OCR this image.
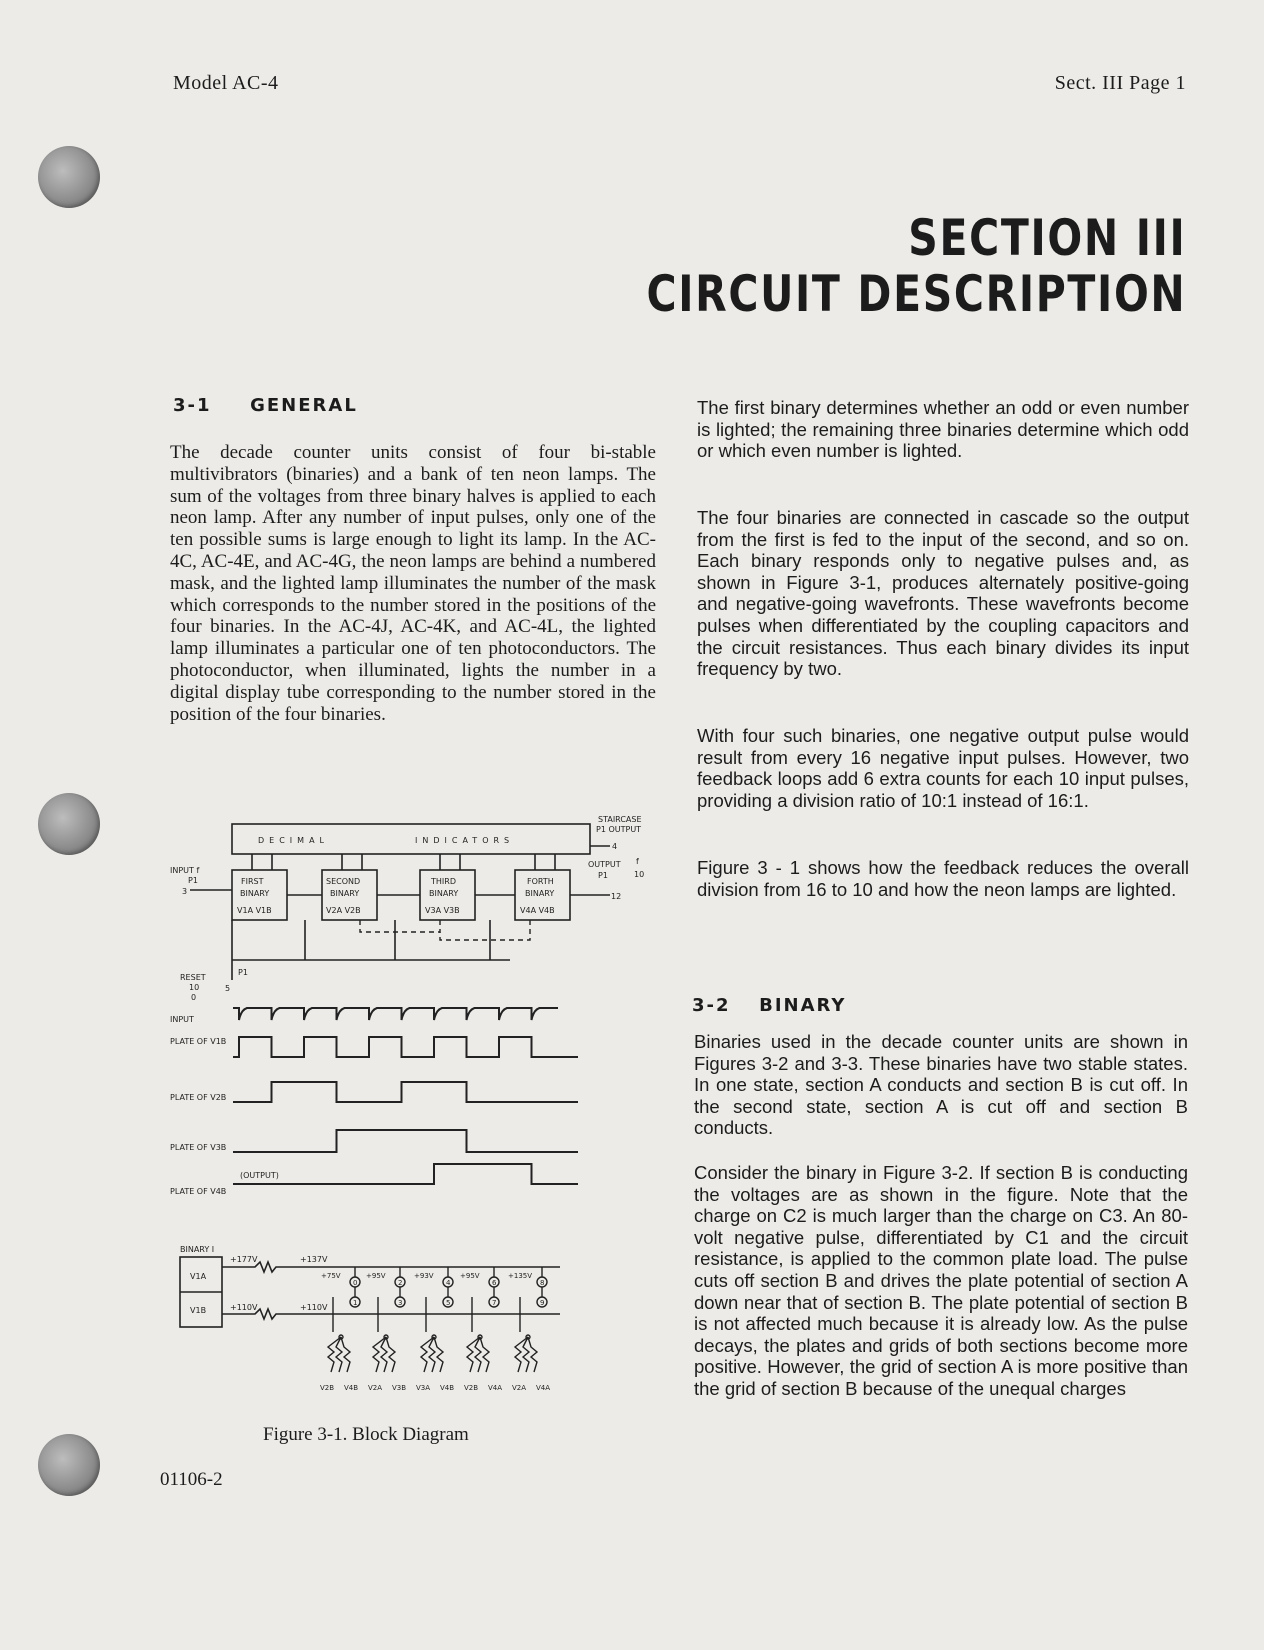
Model AC-4	Sect. III Page 1
SECTION III
CIRCUIT DESCRIPTION
3-1 GENERAL
The decade counter units consist of four bi-stable multivibrators (binaries) and a bank of ten neon lamps. The sum of the voltages from three binary halves is applied to each neon lamp. After any number of input pulses, only one of the ten possible sums is large enough to light its lamp. In the AC-4C, AC-4E, and AC-4G, the neon lamps are behind a numbered mask, and the lighted lamp illuminates the number of the mask which corresponds to the number stored in the positions of the four binaries. In the AC-4J, AC-4K, and AC-4L, the lighted lamp illuminates a particular one of ten photoconductors. The photoconductor, when illuminated, lights the number in a digital display tube corresponding to the number stored in the position of the four binaries.
The first binary determines whether an odd or even number is lighted; the remaining three binaries determine which odd or which even number is lighted.
The four binaries are connected in cascade so the output from the first is fed to the input of the second, and so on. Each binary responds only to negative pulses and, as shown in Figure 3-1, produces alternately positive-going and negative-going wavefronts. These wavefronts become pulses when differentiated by the coupling capacitors and the circuit resistances. Thus each binary divides its input frequency by two.
With four such binaries, one negative output pulse would result from every 16 negative input pulses. However, two feedback loops add 6 extra counts for each 10 input pulses, providing a division ratio of 10:1 instead of 16:1.
Figure 3 - 1 shows how the feedback reduces the overall division from 16 to 10 and how the neon lamps are lighted.
3-2 BINARY
Binaries used in the decade counter units are shown in Figures 3-2 and 3-3. These binaries have two stable states. In one state, section A conducts and section B is cut off. In the second state, section A is cut off and section B conducts.
Consider the binary in Figure 3-2. If section B is conducting the voltages are as shown in the figure. Note that the charge on C2 is much larger than the charge on C3. An 80-volt negative pulse, differentiated by C1 and the circuit resistance, is applied to the common plate load. The pulse cuts off section B and drives the plate potential of section A down near that of section B. The plate potential of section B is not affected much because it is already low. As the pulse decays, the plates and grids of both sections become more positive. However, the grid of section A is more positive than the grid of section B because of the unequal charges
DECIMAL	INDICATORS
STAIRCASE
P1 OUTPUT
4
OUTPUT f
10
P1
12
INPUT f
P1
3
FIRST
BINARY
V1A V1B
SECOND
BINARY
V2A V2B
THIRD
BINARY
V3A V3B
FORTH
BINARY
V4A V4B
RESET
10
0
P1
5
INPUT
PLATE OF V1B
PLATE OF V2B
PLATE OF V3B
PLATE OF V4B
(OUTPUT)
BINARY I
V1A
V1B
+177V	+137V
+110V	+110V
+75V
0
1
+95V
2
3
+93V
4
5
+95V
6
7
+135V
8
9
V2B V4B V2A V3B V3A V4B V2B V4A V2A V4A
Figure 3-1. Block Diagram
01106-2
